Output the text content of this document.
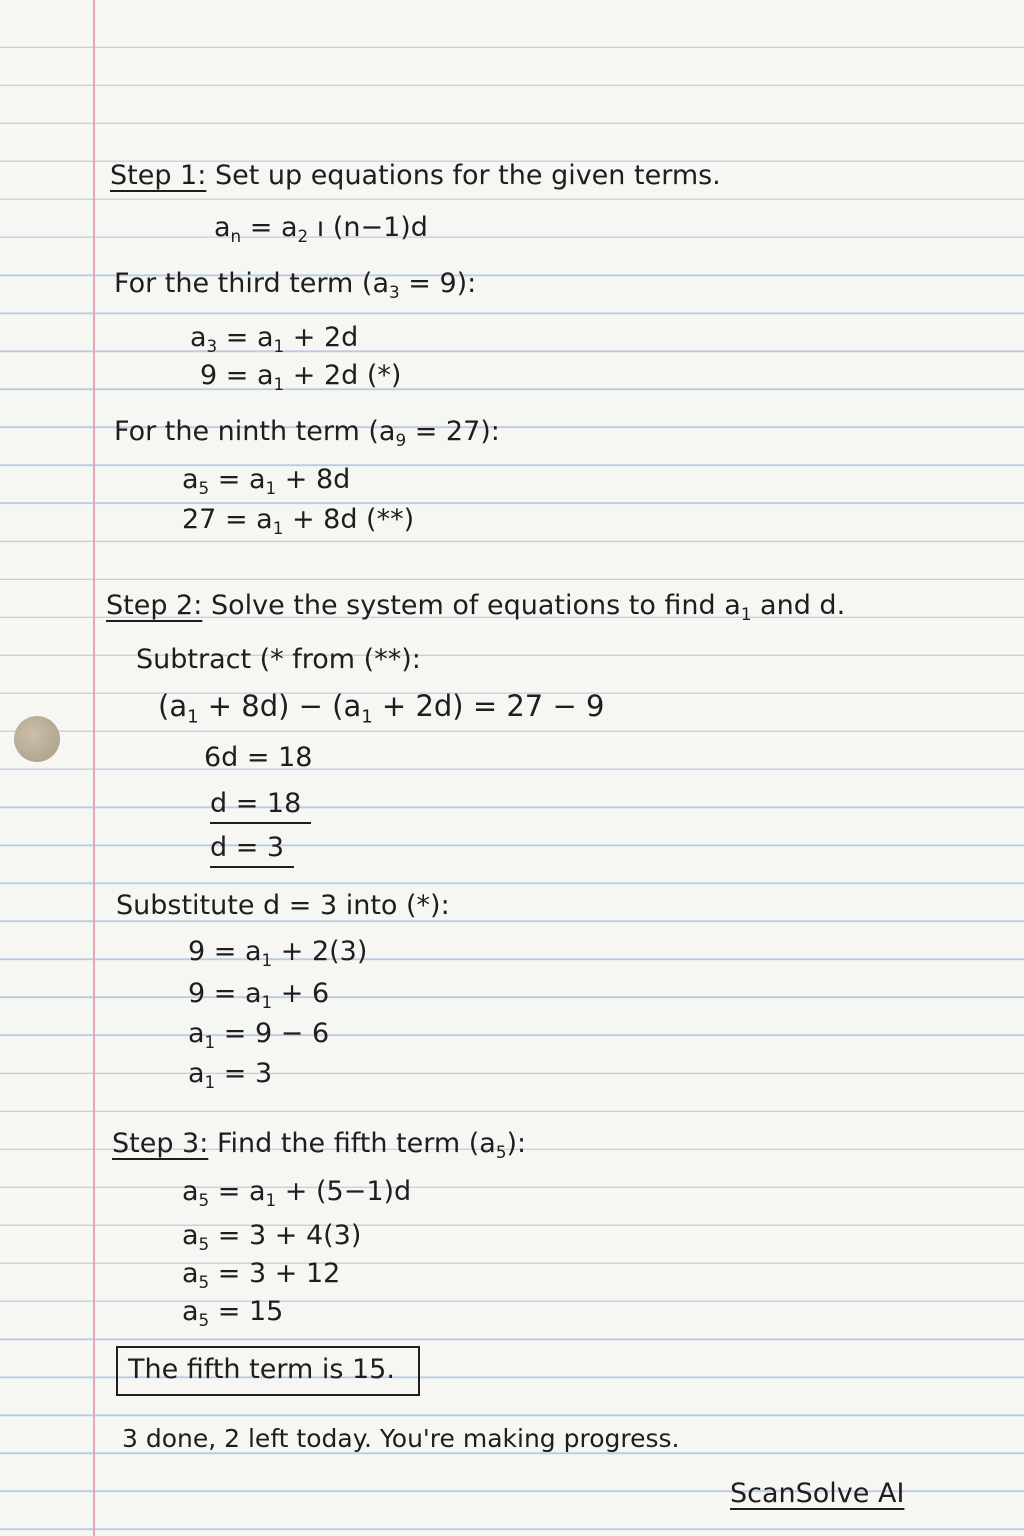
Step 1: Set up equations for the given terms.
$a_n = a_2$ ı (n−1)d
For the third term $(a_3 = 9)$:
$a_3 = a_1 + 2d$
$9 = a_1 + 2d$ (*)
For the ninth term $(a_9 = 27)$:
$a_5 = a_1 + 8d$
$27 = a_1 + 8d$ (**)
Step 2: Solve the system of equations to find $a_1$ and d.
Subtract (* from (**):
$(a_1 + 8d) - (a_1 + 2d) = 27 - 9$
6d = 18
d = 18
d = 3
Substitute d = 3 into (*):
$9 = a_1 + 2(3)$
$9 = a_1 + 6$
$a_1 = 9 - 6$
$a_1 = 3$
Step 3: Find the fifth term $(a_5)$:
$a_5 = a_1 + (5-1)d$
$a_5 = 3 + 4(3)$
$a_5 = 3 + 12$
$a_5 = 15$
The fifth term is 15.
3 done, 2 left today. You're making progress.
ScanSolve AI
